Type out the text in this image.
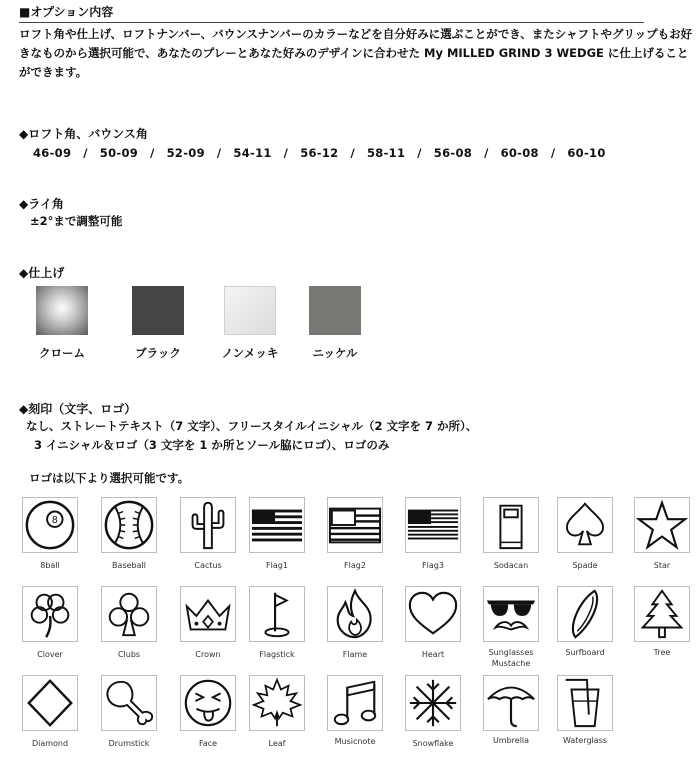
■オプション内容
ロフト角や仕上げ、ロフトナンバー、バウンスナンバーのカラーなどを自分好みに選ぶことができ、またシャフトやグリップもお好きなものから選択可能で、あなたのプレーとあなた好みのデザインに合わせた My MILLED GRIND 3 WEDGE に仕上げることができます。
◆ロフト角、バウンス角
46-09 / 50-09 / 52-09 / 54-11 / 56-12 / 58-11 / 56-08 / 60-08 / 60-10
◆ライ角
±2°まで調整可能
◆仕上げ
クローム	ブラック	ノンメッキ	ニッケル
◆刻印（文字、ロゴ）
なし、ストレートテキスト（7 文字）、フリースタイルイニシャル（2 文字を 7 か所）、
3 イニシャル＆ロゴ（3 文字を 1 か所とソール脇にロゴ）、ロゴのみ
ロゴは以下より選択可能です。
8
8ball	Baseball	Cactus	Flag1	Flag2	Flag3	Sodacan	Spade	Star
Clover	Clubs	Crown	Flagstick	Flame	Heart	Sunglasses
Mustache
Surfboard	Tree
Diamond	Drumstick	Face	Leaf	Musicnote	Snowflake	Umbrella	Waterglass
